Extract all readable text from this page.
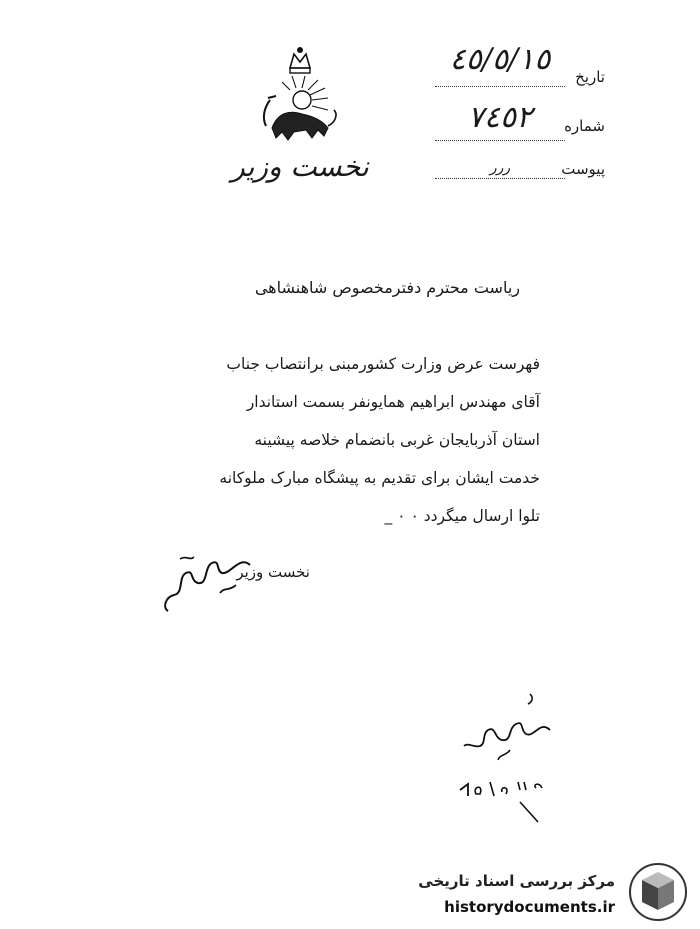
نخست وزیر
تاریخ
٤٥/٥/١٥
شماره
٧٤٥٢
پیوست
ررر
ریاست محترم دفترمخصوص شاهنشاهی
فهرست عرض وزارت کشورمبنی برانتصاب جناب
آقای مهندس ابراهیم همایونفر بسمت استاندار
استان آذربایجان غربی بانضمام خلاصه پیشینه
خدمت ایشان برای تقدیم به پیشگاه مبارک ملوکانه
تلوا ارسال میگردد ۰ ۰ _
نخست وزیر
مرکز بررسی اسناد تاریخی
historydocuments.ir
